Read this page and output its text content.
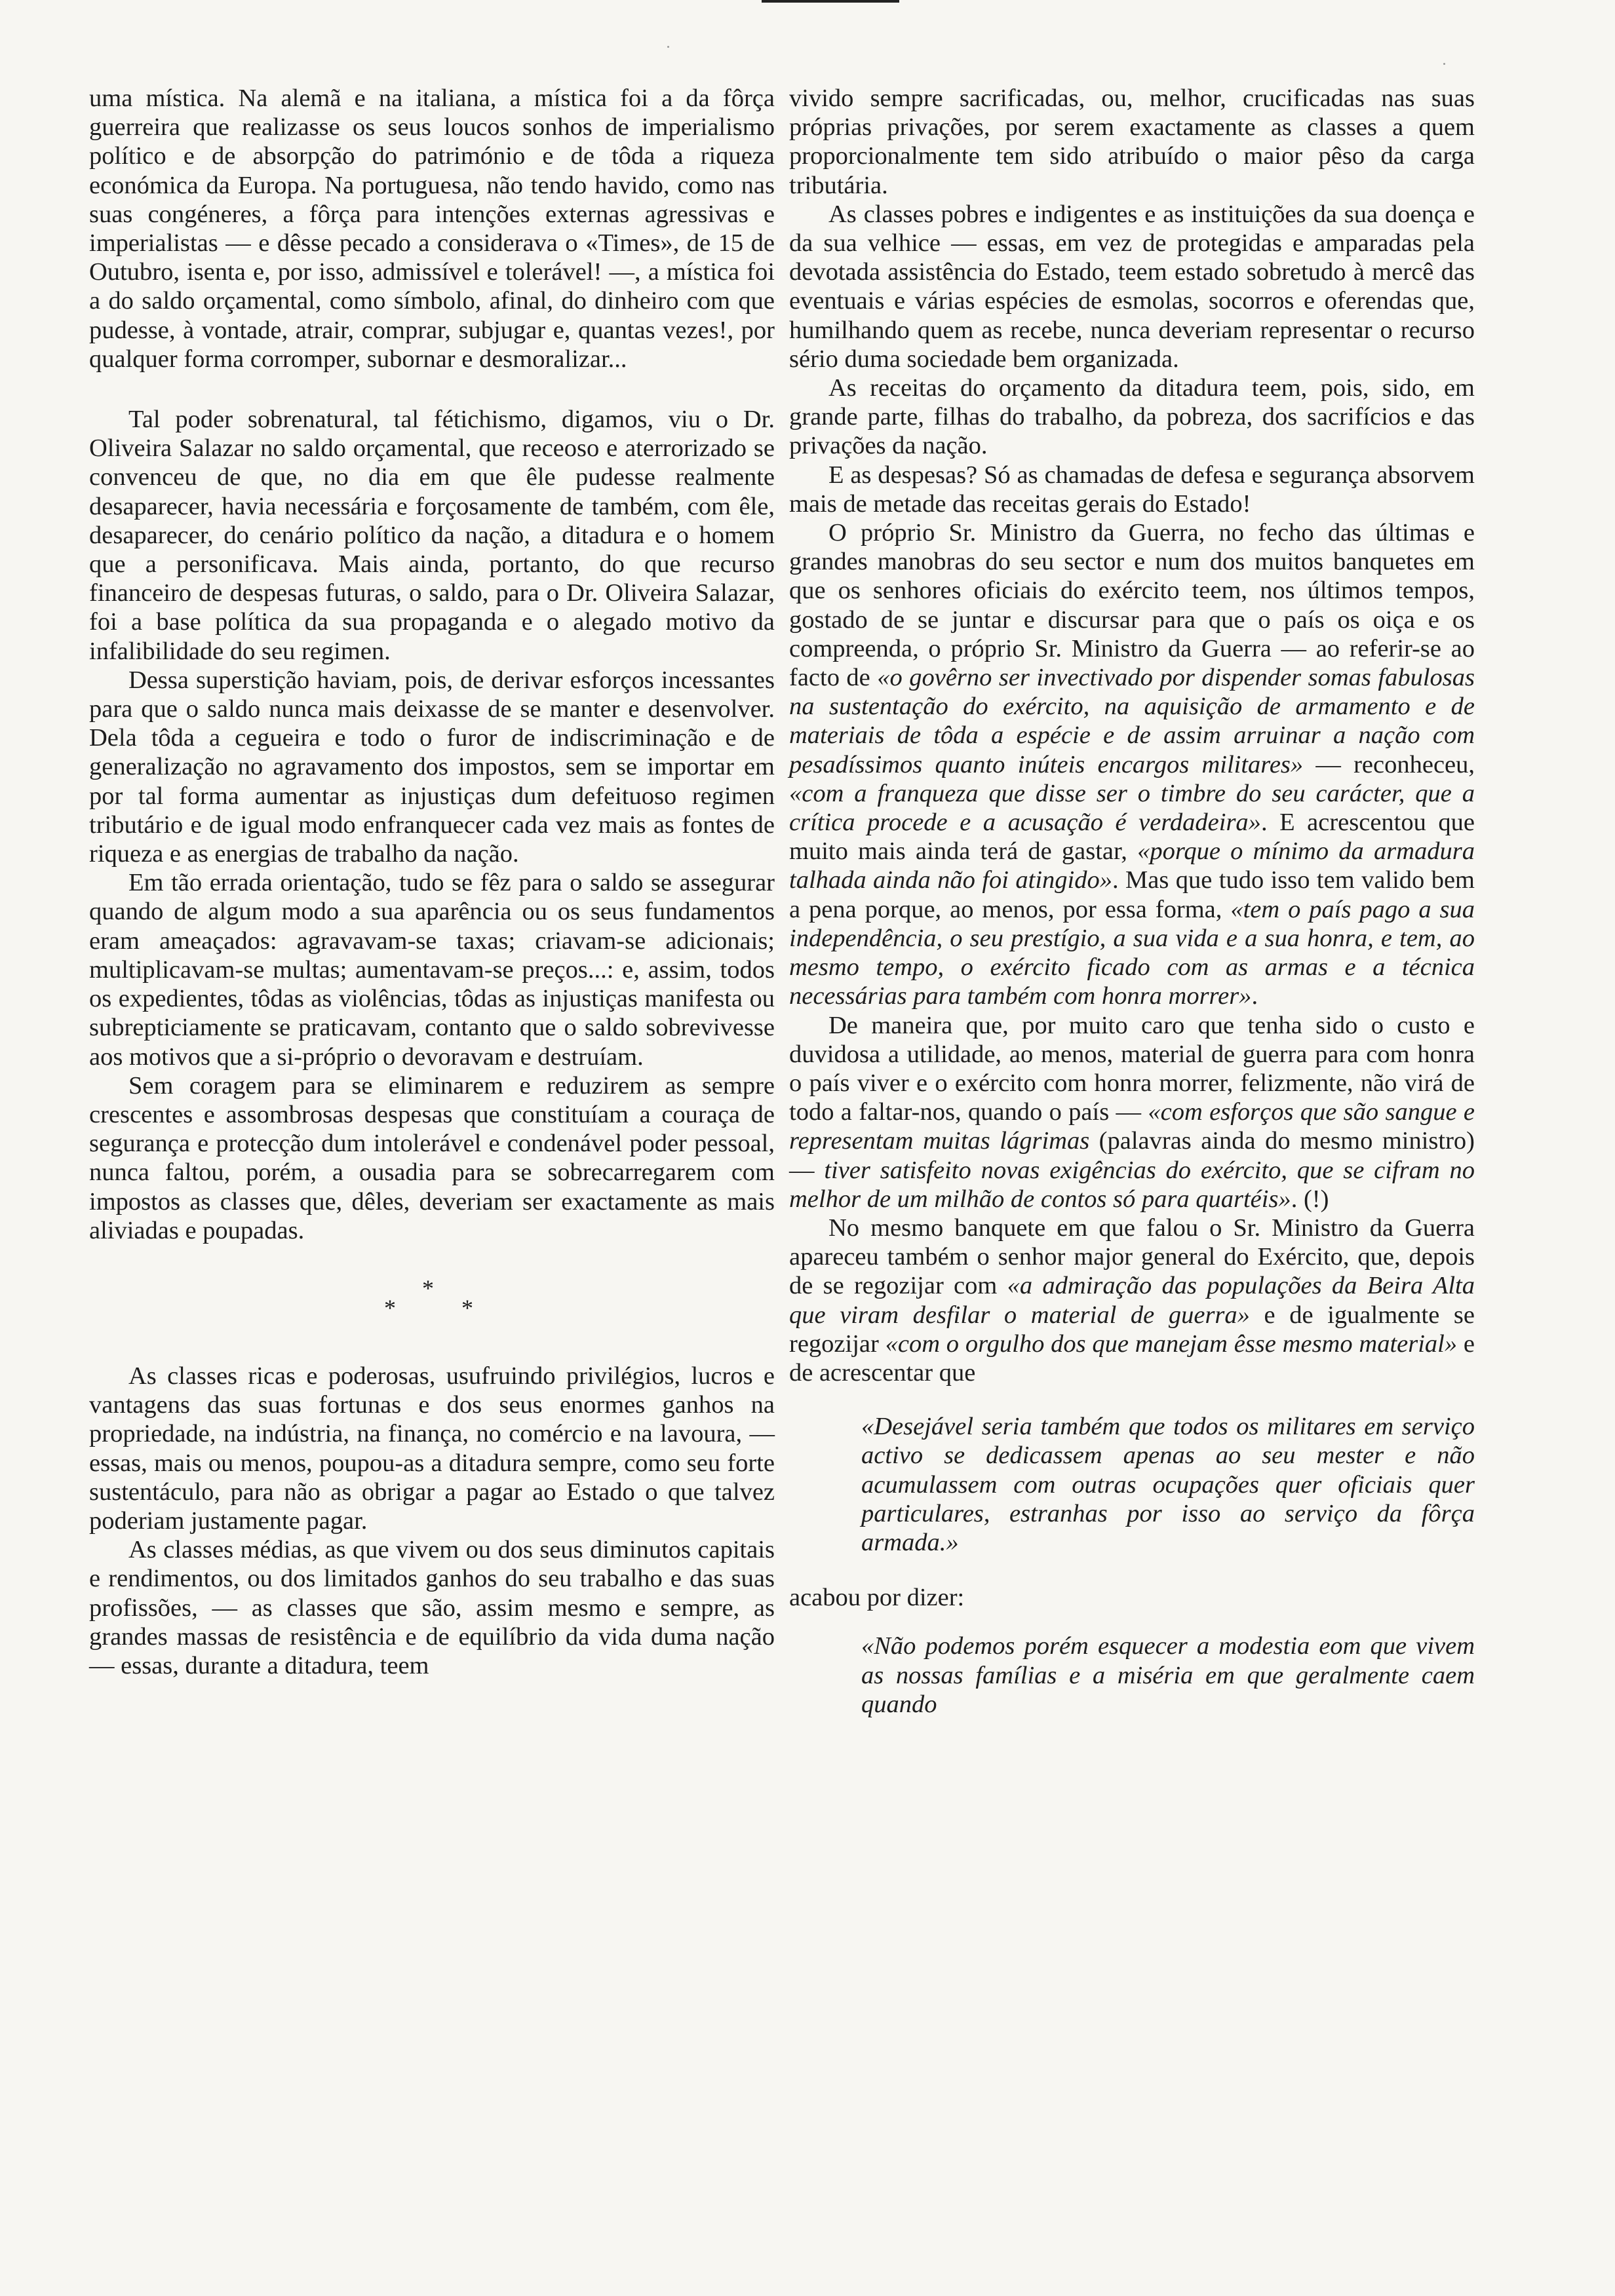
uma mística. Na alemã e na italiana, a mística foi a da fôrça guerreira que realizasse os seus loucos sonhos de imperialismo político e de absorpção do património e de tôda a riqueza económica da Europa. Na portuguesa, não tendo havido, como nas suas congéneres, a fôrça para intenções externas agressivas e imperialistas — e dêsse pecado a considerava o «Times», de 15 de Outubro, isenta e, por isso, admissível e tolerável! —, a mística foi a do saldo orçamental, como símbolo, afinal, do dinheiro com que pudesse, à vontade, atrair, comprar, subjugar e, quantas vezes!, por qualquer forma corromper, subornar e desmoralizar...

Tal poder sobrenatural, tal fétichismo, digamos, viu o Dr. Oliveira Salazar no saldo orçamental, que receoso e aterrorizado se convenceu de que, no dia em que êle pudesse realmente desaparecer, havia necessária e forçosamente de também, com êle, desaparecer, do cenário político da nação, a ditadura e o homem que a personificava. Mais ainda, portanto, do que recurso financeiro de despesas futuras, o saldo, para o Dr. Oliveira Salazar, foi a base política da sua propaganda e o alegado motivo da infalibilidade do seu regimen.

Dessa superstição haviam, pois, de derivar esforços incessantes para que o saldo nunca mais deixasse de se manter e desenvolver. Dela tôda a cegueira e todo o furor de indiscriminação e de generalização no agravamento dos impostos, sem se importar em por tal forma aumentar as injustiças dum defeituoso regimen tributário e de igual modo enfranquecer cada vez mais as fontes de riqueza e as energias de trabalho da nação.

Em tão errada orientação, tudo se fêz para o saldo se assegurar quando de algum modo a sua aparência ou os seus fundamentos eram ameaçados: agravavam-se taxas; criavam-se adicionais; multiplicavam-se multas; aumentavam-se preços...: e, assim, todos os expedientes, tôdas as violências, tôdas as injustiças manifesta ou subrepticiamente se praticavam, contanto que o saldo sobrevivesse aos motivos que a si-próprio o devoravam e destruíam.

Sem coragem para se eliminarem e reduzirem as sempre crescentes e assombrosas despesas que constituíam a couraça de segurança e protecção dum intolerável e condenável poder pessoal, nunca faltou, porém, a ousadia para se sobrecarregarem com impostos as classes que, dêles, deveriam ser exactamente as mais aliviadas e poupadas.

*
*	*

As classes ricas e poderosas, usufruindo privilégios, lucros e vantagens das suas fortunas e dos seus enormes ganhos na propriedade, na indústria, na finança, no comércio e na lavoura, — essas, mais ou menos, poupou-as a ditadura sempre, como seu forte sustentáculo, para não as obrigar a pagar ao Estado o que talvez poderiam justamente pagar.

As classes médias, as que vivem ou dos seus diminutos capitais e rendimentos, ou dos limitados ganhos do seu trabalho e das suas profissões, — as classes que são, assim mesmo e sempre, as grandes massas de resistência e de equilíbrio da vida duma nação — essas, durante a ditadura, teem

vivido sempre sacrificadas, ou, melhor, crucificadas nas suas próprias privações, por serem exactamente as classes a quem proporcionalmente tem sido atribuído o maior pêso da carga tributária.

As classes pobres e indigentes e as instituições da sua doença e da sua velhice — essas, em vez de protegidas e amparadas pela devotada assistência do Estado, teem estado sobretudo à mercê das eventuais e várias espécies de esmolas, socorros e oferendas que, humilhando quem as recebe, nunca deveriam representar o recurso sério duma sociedade bem organizada.

As receitas do orçamento da ditadura teem, pois, sido, em grande parte, filhas do trabalho, da pobreza, dos sacrifícios e das privações da nação.

E as despesas? Só as chamadas de defesa e segurança absorvem mais de metade das receitas gerais do Estado!

O próprio Sr. Ministro da Guerra, no fecho das últimas e grandes manobras do seu sector e num dos muitos banquetes em que os senhores oficiais do exército teem, nos últimos tempos, gostado de se juntar e discursar para que o país os oiça e os compreenda, o próprio Sr. Ministro da Guerra — ao referir-se ao facto de «o govêrno ser invectivado por dispender somas fabulosas na sustentação do exército, na aquisição de armamento e de materiais de tôda a espécie e de assim arruinar a nação com pesadíssimos quanto inúteis encargos militares» — reconheceu, «com a franqueza que disse ser o timbre do seu carácter, que a crítica procede e a acusação é verdadeira». E acrescentou que muito mais ainda terá de gastar, «porque o mínimo da armadura talhada ainda não foi atingido». Mas que tudo isso tem valido bem a pena porque, ao menos, por essa forma, «tem o país pago a sua independência, o seu prestígio, a sua vida e a sua honra, e tem, ao mesmo tempo, o exército ficado com as armas e a técnica necessárias para também com honra morrer».

De maneira que, por muito caro que tenha sido o custo e duvidosa a utilidade, ao menos, material de guerra para com honra o país viver e o exército com honra morrer, felizmente, não virá de todo a faltar-nos, quando o país — «com esforços que são sangue e representam muitas lágrimas (palavras ainda do mesmo ministro) — tiver satisfeito novas exigências do exército, que se cifram no melhor de um milhão de contos só para quartéis». (!)

No mesmo banquete em que falou o Sr. Ministro da Guerra apareceu também o senhor major general do Exército, que, depois de se regozijar com «a admiração das populações da Beira Alta que viram desfilar o material de guerra» e de igualmente se regozijar «com o orgulho dos que manejam êsse mesmo material» e de acrescentar que

«Desejável seria também que todos os militares em serviço activo se dedicassem apenas ao seu mester e não acumulassem com outras ocupações quer oficiais quer particulares, estranhas por isso ao serviço da fôrça armada.»

acabou por dizer:

«Não podemos porém esquecer a modestia eom que vivem as nossas famílias e a miséria em que geralmente caem quando
